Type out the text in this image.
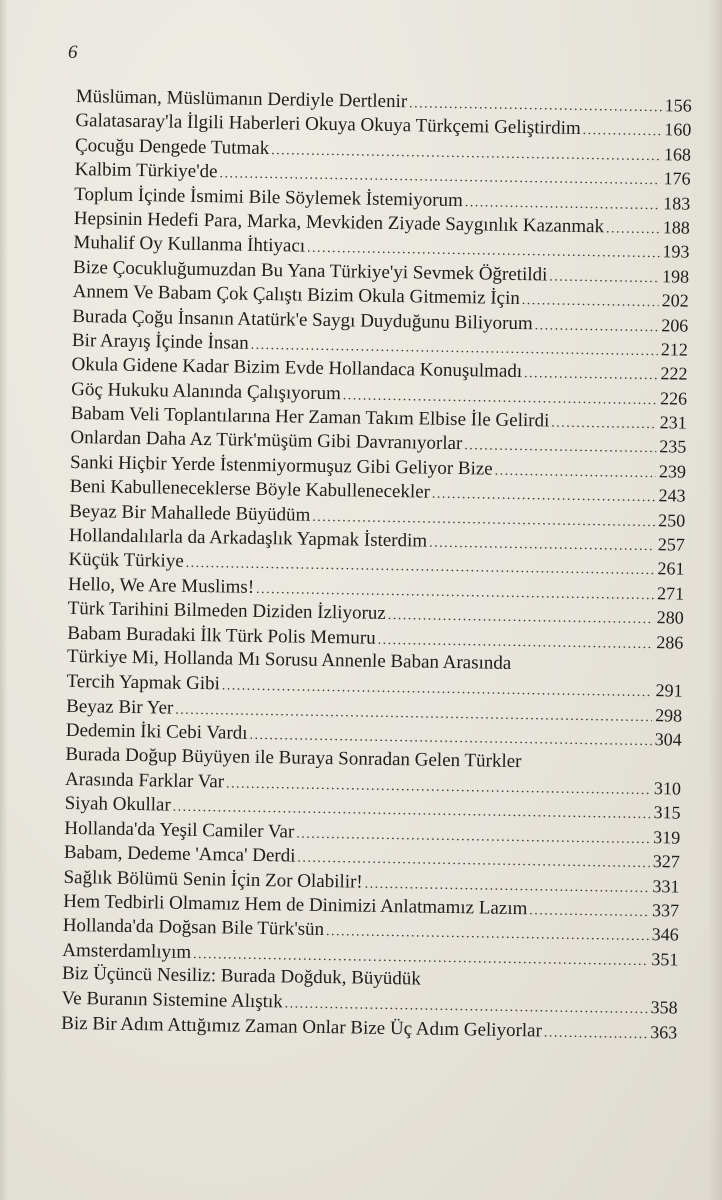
6
Müslüman, Müslümanın Derdiyle Dertlenir .....	156
Galatasaray'la İlgili Haberleri Okuya Okuya Türkçemi Geliştirdim .....	160
Çocuğu Dengede Tutmak .....	168
Kalbim Türkiye'de .....	176
Toplum İçinde İsmimi Bile Söylemek İstemiyorum .....	183
Hepsinin Hedefi Para, Marka, Mevkiden Ziyade Saygınlık Kazanmak .....	188
Muhalif Oy Kullanma İhtiyacı .....	193
Bize Çocukluğumuzdan Bu Yana Türkiye'yi Sevmek Öğretildi .....	198
Annem Ve Babam Çok Çalıştı Bizim Okula Gitmemiz İçin .....	202
Burada Çoğu İnsanın Atatürk'e Saygı Duyduğunu Biliyorum .....	206
Bir Arayış İçinde İnsan .....	212
Okula Gidene Kadar Bizim Evde Hollandaca Konuşulmadı .....	222
Göç Hukuku Alanında Çalışıyorum .....	226
Babam Veli Toplantılarına Her Zaman Takım Elbise İle Gelirdi .....	231
Onlardan Daha Az Türk'müşüm Gibi Davranıyorlar .....	235
Sanki Hiçbir Yerde İstenmiyormuşuz Gibi Geliyor Bize .....	239
Beni Kabulleneceklerse Böyle Kabullenecekler .....	243
Beyaz Bir Mahallede Büyüdüm .....	250
Hollandalılarla da Arkadaşlık Yapmak İsterdim .....	257
Küçük Türkiye .....	261
Hello, We Are Muslims! .....	271
Türk Tarihini Bilmeden Diziden İzliyoruz .....	280
Babam Buradaki İlk Türk Polis Memuru .....	286
Türkiye Mi, Hollanda Mı Sorusu Annenle Baban Arasında
Tercih Yapmak Gibi .....	291
Beyaz Bir Yer .....	298
Dedemin İki Cebi Vardı .....	304
Burada Doğup Büyüyen ile Buraya Sonradan Gelen Türkler
Arasında Farklar Var .....	310
Siyah Okullar .....	315
Hollanda'da Yeşil Camiler Var .....	319
Babam, Dedeme 'Amca' Derdi .....	327
Sağlık Bölümü Senin İçin Zor Olabilir! .....	331
Hem Tedbirli Olmamız Hem de Dinimizi Anlatmamız Lazım .....	337
Hollanda'da Doğsan Bile Türk'sün .....	346
Amsterdamlıyım .....	351
Biz Üçüncü Nesiliz: Burada Doğduk, Büyüdük
Ve Buranın Sistemine Alıştık .....	358
Biz Bir Adım Attığımız Zaman Onlar Bize Üç Adım Geliyorlar .....	363
